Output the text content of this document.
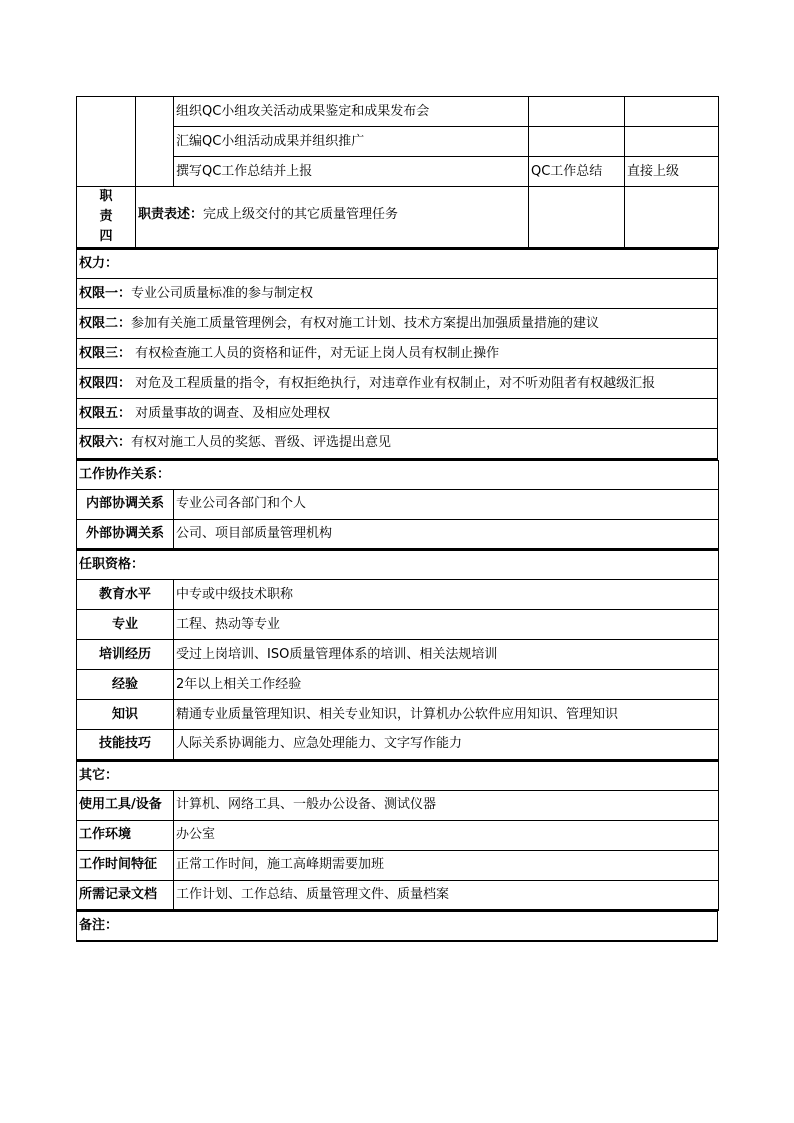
		组织QC小组攻关活动成果鉴定和成果发布会		
		汇编QC小组活动成果并组织推广		
		撰写QC工作总结并上报	QC工作总结	直接上级

职
责
四	职责表述：完成上级交付的其它质量管理任务			
权力：
权限一：专业公司质量标准的参与制定权
权限二：参加有关施工质量管理例会，有权对施工计划、技术方案提出加强质量措施的建议
权限三： 有权检查施工人员的资格和证件，对无证上岗人员有权制止操作
权限四： 对危及工程质量的指令，有权拒绝执行，对违章作业有权制止，对不听劝阻者有权越级汇报
权限五： 对质量事故的调查、及相应处理权
权限六：有权对施工人员的奖惩、晋级、评选提出意见
工作协作关系：	
内部协调关系	专业公司各部门和个人
外部协调关系	公司、项目部质量管理机构
任职资格：	
教育水平	中专或中级技术职称
专业	工程、热动等专业
培训经历	受过上岗培训、ISO质量管理体系的培训、相关法规培训
经验	2年以上相关工作经验
知识	精通专业质量管理知识、相关专业知识，计算机办公软件应用知识、管理知识
技能技巧	人际关系协调能力、应急处理能力、文字写作能力
其它：	
使用工具/设备	计算机、网络工具、一般办公设备、测试仪器
工作环境	办公室
工作时间特征	正常工作时间，施工高峰期需要加班
所需记录文档	工作计划、工作总结、质量管理文件、质量档案
备注：
